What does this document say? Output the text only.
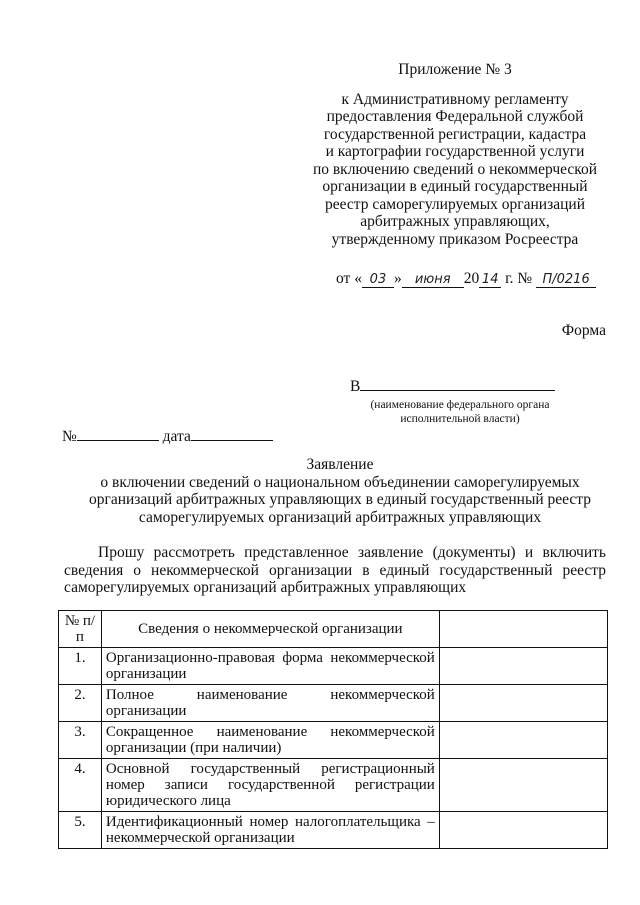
Приложение № 3
к Административному регламенту
предоставления Федеральной службой
государственной регистрации, кадастра
и картографии государственной услуги
по включению сведений о некоммерческой
организации в единый государственный
реестр саморегулируемых организаций
арбитражных управляющих,
утвержденному приказом Росреестра
от « 03 » июня 20 14 г. № П/0216
Форма
В
(наименование федерального органа
исполнительной власти)
№	дата
Заявление
о включении сведений о национальном объединении саморегулируемых
организаций арбитражных управляющих в единый государственный реестр
саморегулируемых организаций арбитражных управляющих
Прошу рассмотреть представленное заявление (документы) и включить сведения о некоммерческой организации в единый государственный реестр саморегулируемых организаций арбитражных управляющих
№ п/п	Сведения о некоммерческой организации	
1.	Организационно-правовая форма некоммерческой организации	
2.	Полное наименование некоммерческой организации	
3.	Сокращенное наименование некоммерческой организации (при наличии)	
4.	Основной государственный регистрационный номер записи государственной регистрации юридического лица	
5.	Идентификационный номер налогоплательщика – некоммерческой организации	
